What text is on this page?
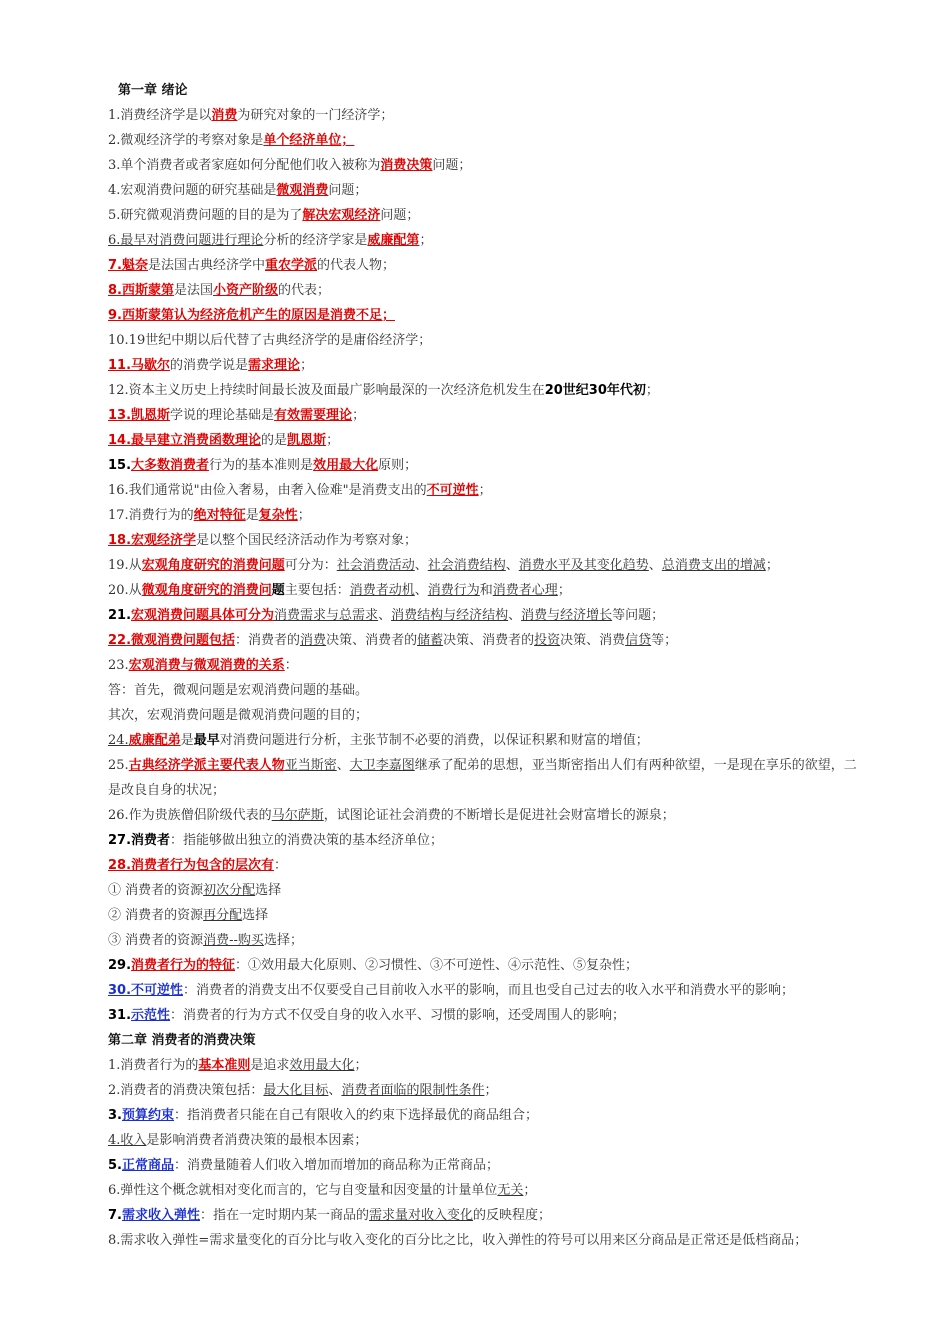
第一章 绪论
1.消费经济学是以消费为研究对象的一门经济学；
2.微观经济学的考察对象是单个经济单位；
3.单个消费者或者家庭如何分配他们收入被称为消费决策问题；
4.宏观消费问题的研究基础是微观消费问题；
5.研究微观消费问题的目的是为了解决宏观经济问题；
6.最早对消费问题进行理论分析的经济学家是威廉配第；
7.魁奈是法国古典经济学中重农学派的代表人物；
8.西斯蒙第是法国小资产阶级的代表；
9.西斯蒙第认为经济危机产生的原因是消费不足；
10.19世纪中期以后代替了古典经济学的是庸俗经济学；
11.马歇尔的消费学说是需求理论；
12.资本主义历史上持续时间最长波及面最广影响最深的一次经济危机发生在20世纪30年代初；
13.凯恩斯学说的理论基础是有效需要理论；
14.最早建立消费函数理论的是凯恩斯；
15.大多数消费者行为的基本准则是效用最大化原则；
16.我们通常说"由俭入奢易，由奢入俭难"是消费支出的不可逆性；
17.消费行为的绝对特征是复杂性；
18.宏观经济学是以整个国民经济活动作为考察对象；
19.从宏观角度研究的消费问题可分为：社会消费活动、社会消费结构、消费水平及其变化趋势、总消费支出的增减；
20.从微观角度研究的消费问题主要包括：消费者动机、消费行为和消费者心理；
21.宏观消费问题具体可分为消费需求与总需求、消费结构与经济结构、消费与经济增长等问题；
22.微观消费问题包括：消费者的消费决策、消费者的储蓄决策、消费者的投资决策、消费信贷等；
23.宏观消费与微观消费的关系：
答：首先，微观问题是宏观消费问题的基础。
其次，宏观消费问题是微观消费问题的目的；
24.威廉配弟是最早对消费问题进行分析，主张节制不必要的消费，以保证积累和财富的增值；
25.古典经济学派主要代表人物亚当斯密、大卫李嘉图继承了配弟的思想，亚当斯密指出人们有两种欲望，一是现在享乐的欲望，二是改良自身的状况；
26.作为贵族僧侣阶级代表的马尔萨斯，试图论证社会消费的不断增长是促进社会财富增长的源泉；
27.消费者：指能够做出独立的消费决策的基本经济单位；
28.消费者行为包含的层次有：
① 消费者的资源初次分配选择
② 消费者的资源再分配选择
③ 消费者的资源消费--购买选择；
29.消费者行为的特征：①效用最大化原则、②习惯性、③不可逆性、④示范性、⑤复杂性；
30.不可逆性：消费者的消费支出不仅要受自己目前收入水平的影响，而且也受自己过去的收入水平和消费水平的影响；
31.示范性：消费者的行为方式不仅受自身的收入水平、习惯的影响，还受周围人的影响；
第二章 消费者的消费决策
1.消费者行为的基本准则是追求效用最大化；
2.消费者的消费决策包括：最大化目标、消费者面临的限制性条件；
3.预算约束：指消费者只能在自己有限收入的约束下选择最优的商品组合；
4.收入是影响消费者消费决策的最根本因素；
5.正常商品：消费量随着人们收入增加而增加的商品称为正常商品；
6.弹性这个概念就相对变化而言的，它与自变量和因变量的计量单位无关；
7.需求收入弹性：指在一定时期内某一商品的需求量对收入变化的反映程度；
8.需求收入弹性=需求量变化的百分比与收入变化的百分比之比，收入弹性的符号可以用来区分商品是正常还是低档商品；
